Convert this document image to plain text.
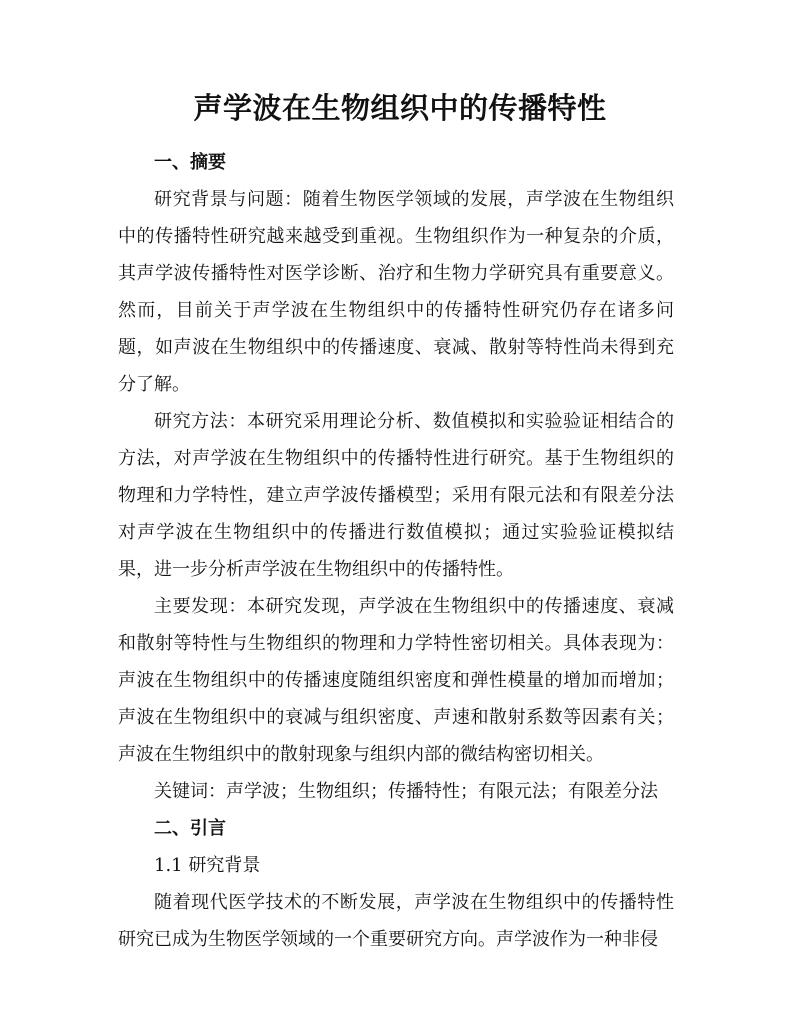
声学波在生物组织中的传播特性

一、摘要

研究背景与问题：随着生物医学领域的发展，声学波在生物组织中的传播特性研究越来越受到重视。生物组织作为一种复杂的介质，其声学波传播特性对医学诊断、治疗和生物力学研究具有重要意义。然而，目前关于声学波在生物组织中的传播特性研究仍存在诸多问题，如声波在生物组织中的传播速度、衰减、散射等特性尚未得到充分了解。

研究方法：本研究采用理论分析、数值模拟和实验验证相结合的方法，对声学波在生物组织中的传播特性进行研究。基于生物组织的物理和力学特性，建立声学波传播模型；采用有限元法和有限差分法对声学波在生物组织中的传播进行数值模拟；通过实验验证模拟结果，进一步分析声学波在生物组织中的传播特性。

主要发现：本研究发现，声学波在生物组织中的传播速度、衰减和散射等特性与生物组织的物理和力学特性密切相关。具体表现为：声波在生物组织中的传播速度随组织密度和弹性模量的增加而增加；声波在生物组织中的衰减与组织密度、声速和散射系数等因素有关；声波在生物组织中的散射现象与组织内部的微结构密切相关。

关键词：声学波；生物组织；传播特性；有限元法；有限差分法

二、引言

1.1 研究背景

随着现代医学技术的不断发展，声学波在生物组织中的传播特性研究已成为生物医学领域的一个重要研究方向。声学波作为一种非侵
